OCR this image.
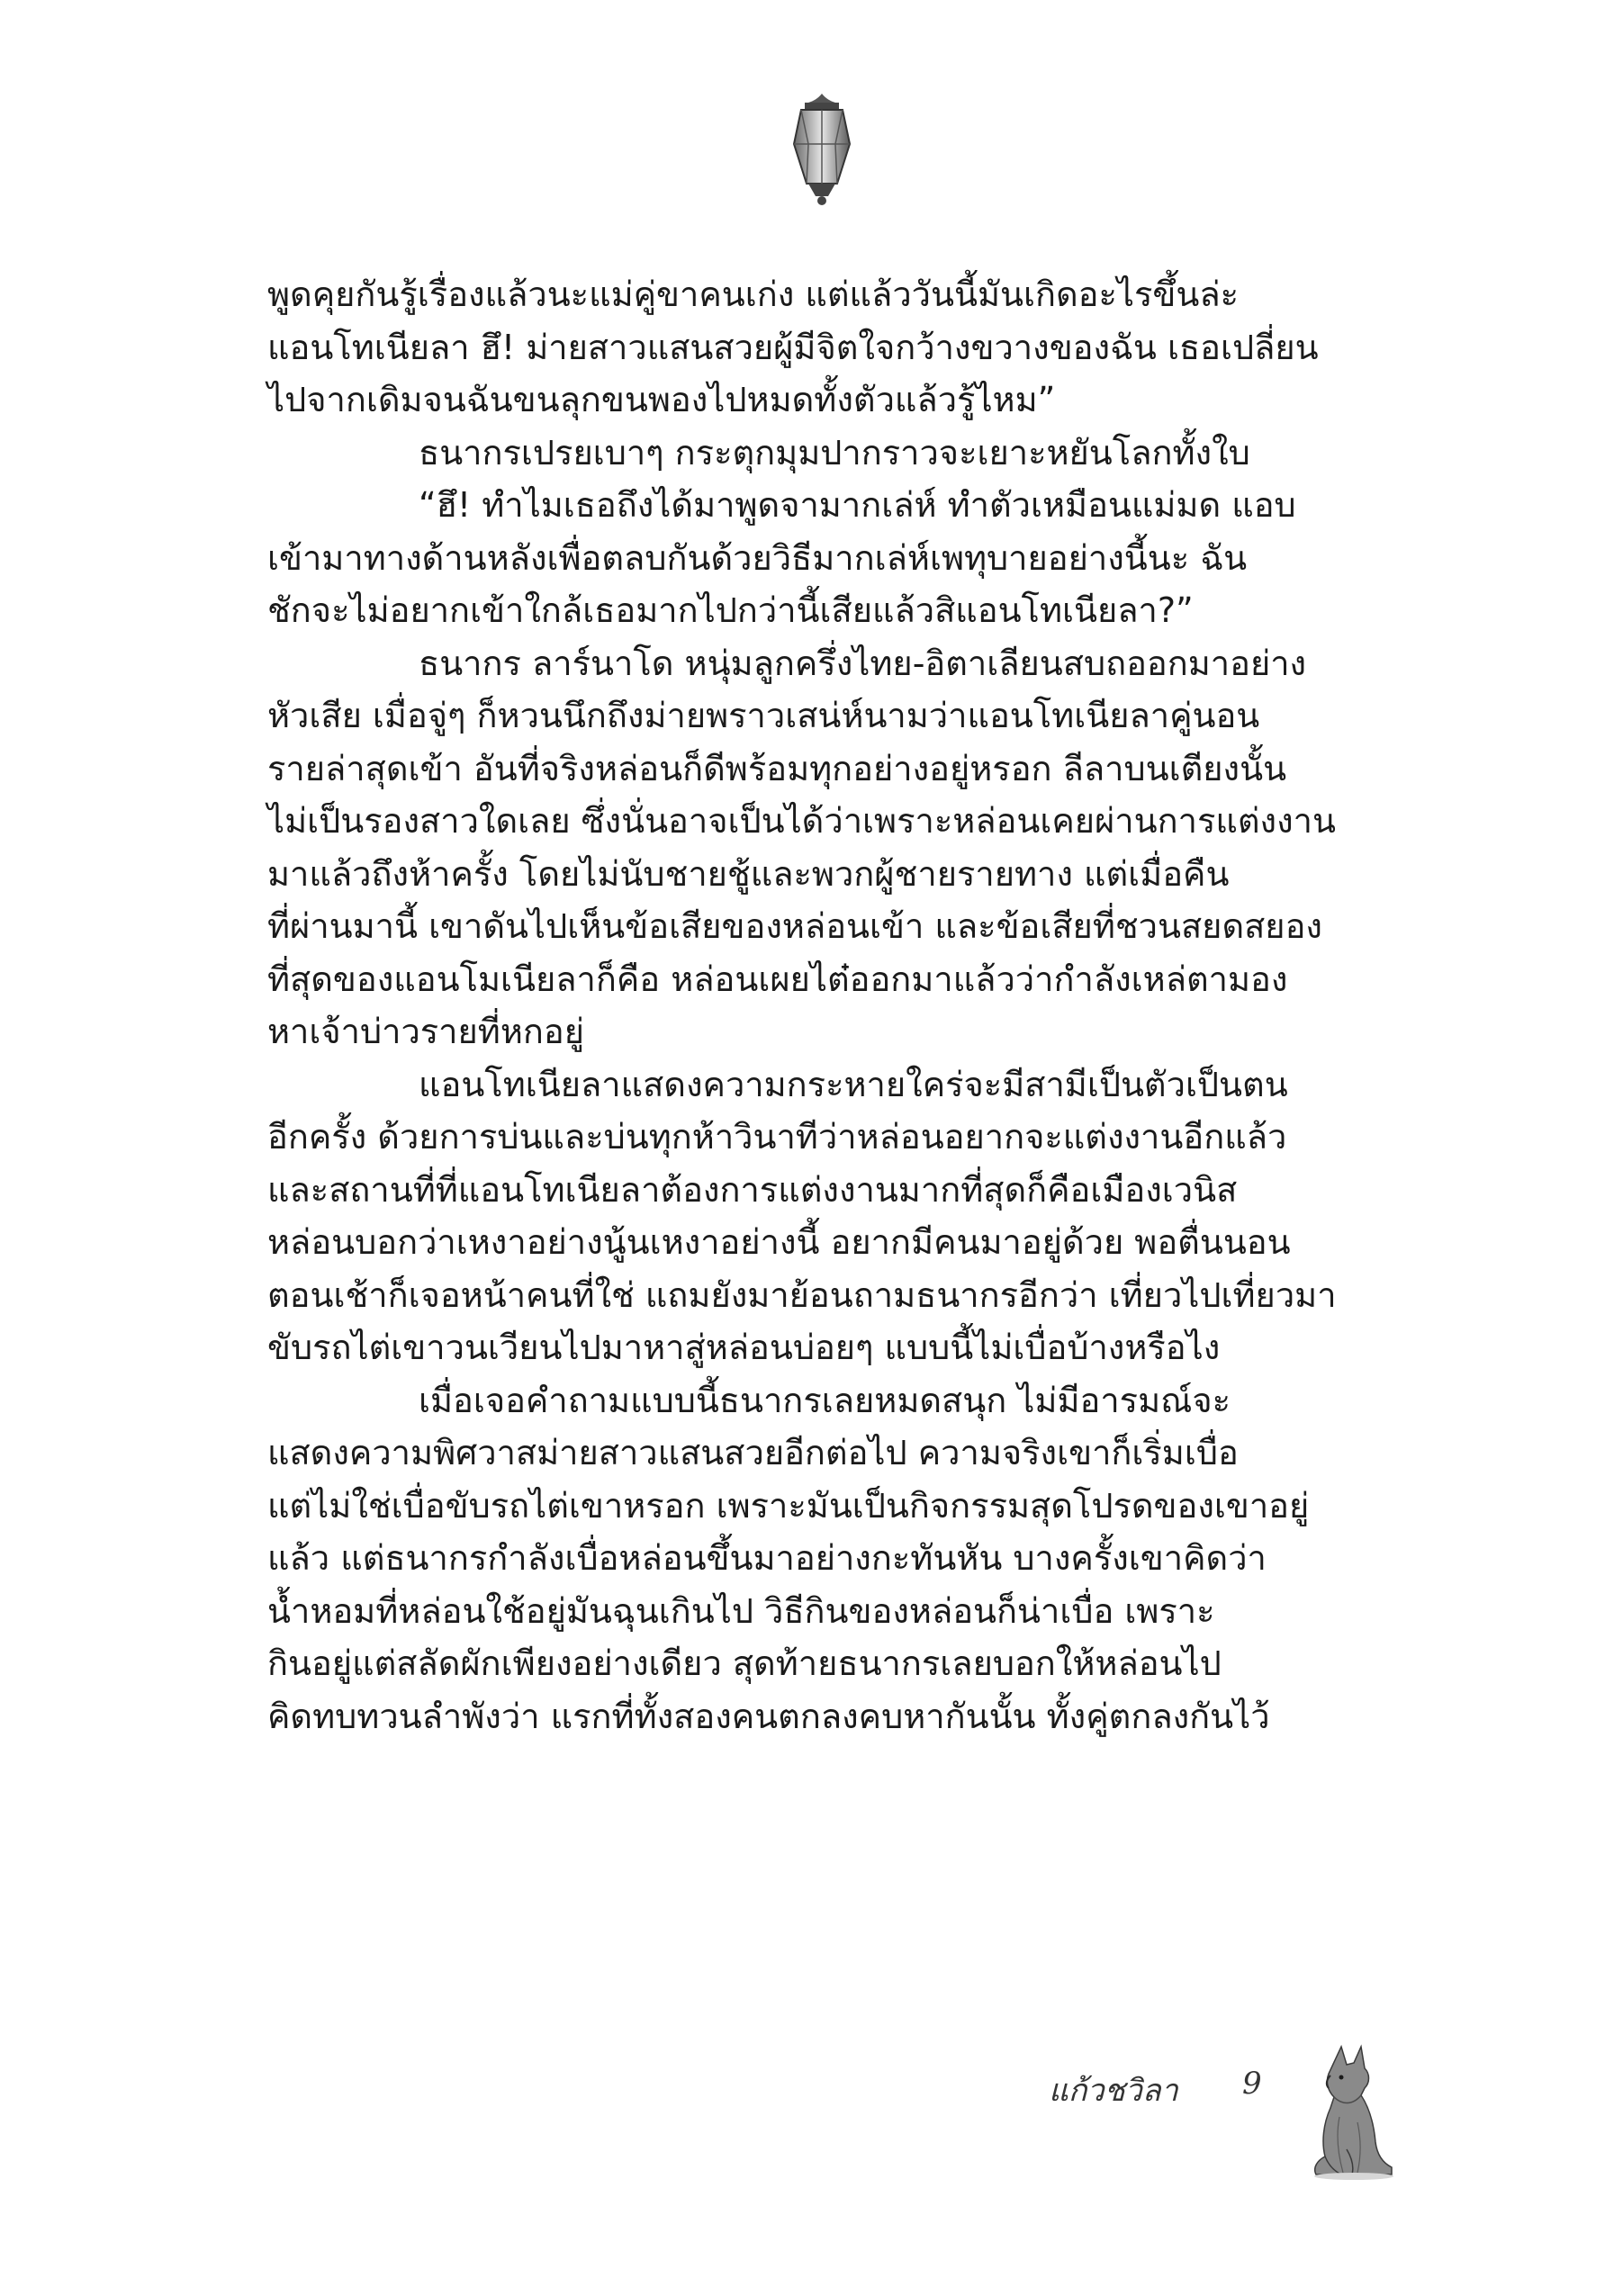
พูดคุยกันรู้เรื่องแล้วนะแม่คู่ขาคนเก่ง แต่แล้ววันนี้มันเกิดอะไรขึ้นล่ะ
แอนโทเนียลา ฮึ! ม่ายสาวแสนสวยผู้มีจิตใจกว้างขวางของฉัน เธอเปลี่ยน
ไปจากเดิมจนฉันขนลุกขนพองไปหมดทั้งตัวแล้วรู้ไหม”
ธนากรเปรยเบาๆ กระตุกมุมปากราวจะเยาะหยันโลกทั้งใบ
“ฮึ! ทำไมเธอถึงได้มาพูดจามากเล่ห์ ทำตัวเหมือนแม่มด แอบ
เข้ามาทางด้านหลังเพื่อตลบกันด้วยวิธีมากเล่ห์เพทุบายอย่างนี้นะ ฉัน
ชักจะไม่อยากเข้าใกล้เธอมากไปกว่านี้เสียแล้วสิแอนโทเนียลา?”
ธนากร ลาร์นาโด หนุ่มลูกครึ่งไทย-อิตาเลียนสบถออกมาอย่าง
หัวเสีย เมื่อจู่ๆ ก็หวนนึกถึงม่ายพราวเสน่ห์นามว่าแอนโทเนียลาคู่นอน
รายล่าสุดเข้า อันที่จริงหล่อนก็ดีพร้อมทุกอย่างอยู่หรอก ลีลาบนเตียงนั้น
ไม่เป็นรองสาวใดเลย ซึ่งนั่นอาจเป็นได้ว่าเพราะหล่อนเคยผ่านการแต่งงาน
มาแล้วถึงห้าครั้ง โดยไม่นับชายชู้และพวกผู้ชายรายทาง แต่เมื่อคืน
ที่ผ่านมานี้ เขาดันไปเห็นข้อเสียของหล่อนเข้า และข้อเสียที่ชวนสยดสยอง
ที่สุดของแอนโมเนียลาก็คือ หล่อนเผยไต๋ออกมาแล้วว่ากำลังเหล่ตามอง
หาเจ้าบ่าวรายที่หกอยู่
แอนโทเนียลาแสดงความกระหายใคร่จะมีสามีเป็นตัวเป็นตน
อีกครั้ง ด้วยการบ่นและบ่นทุกห้าวินาทีว่าหล่อนอยากจะแต่งงานอีกแล้ว
และสถานที่ที่แอนโทเนียลาต้องการแต่งงานมากที่สุดก็คือเมืองเวนิส
หล่อนบอกว่าเหงาอย่างนู้นเหงาอย่างนี้ อยากมีคนมาอยู่ด้วย พอตื่นนอน
ตอนเช้าก็เจอหน้าคนที่ใช่ แถมยังมาย้อนถามธนากรอีกว่า เที่ยวไปเที่ยวมา
ขับรถไต่เขาวนเวียนไปมาหาสู่หล่อนบ่อยๆ แบบนี้ไม่เบื่อบ้างหรือไง
เมื่อเจอคำถามแบบนี้ธนากรเลยหมดสนุก ไม่มีอารมณ์จะ
แสดงความพิศวาสม่ายสาวแสนสวยอีกต่อไป ความจริงเขาก็เริ่มเบื่อ
แต่ไม่ใช่เบื่อขับรถไต่เขาหรอก เพราะมันเป็นกิจกรรมสุดโปรดของเขาอยู่
แล้ว แต่ธนากรกำลังเบื่อหล่อนขึ้นมาอย่างกะทันหัน บางครั้งเขาคิดว่า
น้ำหอมที่หล่อนใช้อยู่มันฉุนเกินไป วิธีกินของหล่อนก็น่าเบื่อ เพราะ
กินอยู่แต่สลัดผักเพียงอย่างเดียว สุดท้ายธนากรเลยบอกให้หล่อนไป
คิดทบทวนลำพังว่า แรกที่ทั้งสองคนตกลงคบหากันนั้น ทั้งคู่ตกลงกันไว้
แก้วชวิลา 9
